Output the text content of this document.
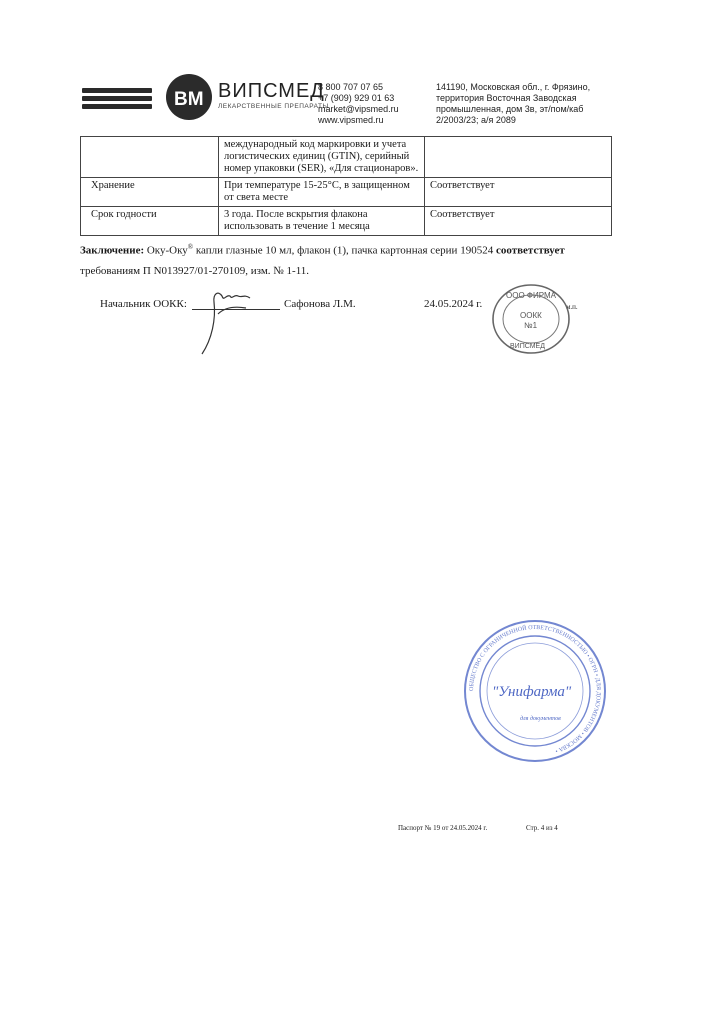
ВМ ВИПСМЕД
ЛЕКАРСТВЕННЫЕ ПРЕПАРАТЫ
8 800 707 07 65
+7 (909) 929 01 63
market@vipsmed.ru
www.vipsmed.ru
141190, Московская обл., г. Фрязино,
территория Восточная Заводская
промышленная, дом 3в, эт/пом/каб
2/2003/23; а/я 2089
	международный код маркировки и учета логистических единиц (GTIN), серийный номер упаковки (SER), «Для стационаров».	
Хранение	При температуре 15-25°С, в защищенном от света месте	Соответствует
Срок годности	3 года. После вскрытия флакона использовать в течение 1 месяца	Соответствует
Заключение: Оку-Оку® капли глазные 10 мл, флакон (1), пачка картонная серии 190524 соответствует
требованиям П N013927/01-270109, изм. № 1-11.
Начальник ООКК:	Сафонова Л.М.	24.05.2024 г.	м.п.
ООО ФИРМА
ООКК
№1
ВИПСМЕД
ОБЩЕСТВО С ОГРАНИЧЕННОЙ ОТВЕТСТВЕННОСТЬЮ • ОГРН • ДЛЯ ДОКУМЕНТОВ • МОСКВА •
"Унифарма"
для документов
Паспорт № 19 от 24.05.2024 г.	Стр. 4 из 4
